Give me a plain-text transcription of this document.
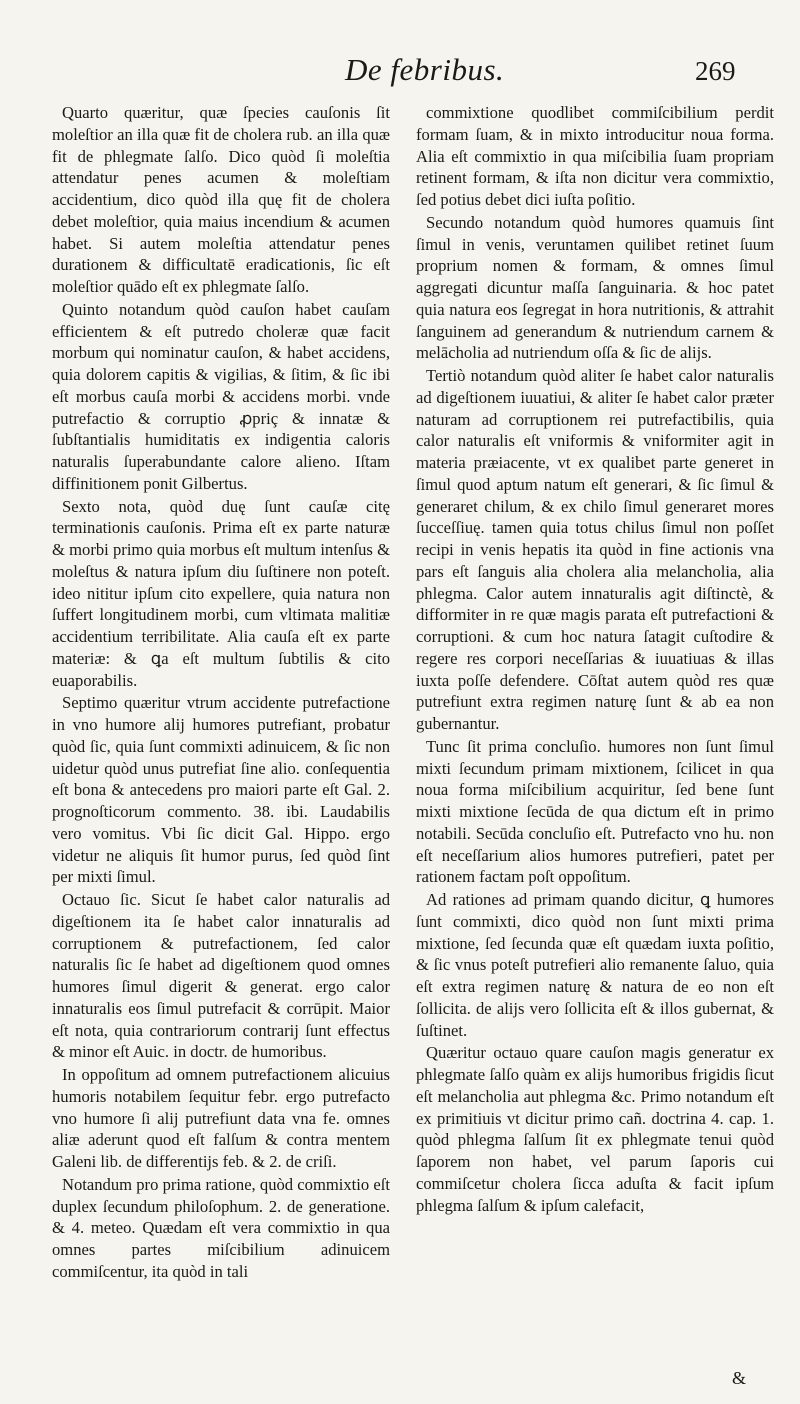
De febribus.	269

Quarto quæritur, quæ ſpecies cauſonis ſit moleſtior an illa quæ fit de cholera rub. an illa quæ fit de phlegmate ſalſo. Dico quòd ſi moleſtia attendatur penes acumen & moleſtiam accidentium, dico quòd illa quę fit de cholera debet moleſtior, quia maius incendium & acumen habet. Si autem moleſtia attendatur penes durationem & difficultatē eradicationis, ſic eſt moleſtior quādo eſt ex phlegmate ſalſo.

Quinto notandum quòd cauſon habet cauſam efficientem & eſt putredo choleræ quæ facit morbum qui nominatur cauſon, & habet accidens, quia dolorem capitis & vigilias, & ſitim, & ſic ibi eſt morbus cauſa morbi & accidens morbi. vnde putrefactio & corruptio ꝓpriç & innatæ & ſubſtantialis humiditatis ex indigentia caloris naturalis ſuperabundante calore alieno. Iſtam diffinitionem ponit Gilbertus.

Sexto nota, quòd duę ſunt cauſæ citę terminationis cauſonis. Prima eſt ex parte naturæ & morbi primo quia morbus eſt multum intenſus & moleſtus & natura ipſum diu ſuſtinere non poteſt. ideo nititur ipſum cito expellere, quia natura non ſuffert longitudinem morbi, cum vltimata malitiæ accidentium terribilitate. Alia cauſa eſt ex parte materiæ: & ꝗa eſt multum ſubtilis & cito euaporabilis.

Septimo quæritur vtrum accidente putrefactione in vno humore alij humores putrefiant, probatur quòd ſic, quia ſunt commixti adinuicem, & ſic non uidetur quòd unus putrefiat ſine alio. conſequentia eſt bona & antecedens pro maiori parte eſt Gal. 2. prognoſticorum commento. 38. ibi. Laudabilis vero vomitus. Vbi ſic dicit Gal. Hippo. ergo videtur ne aliquis ſit humor purus, ſed quòd ſint per mixti ſimul.

Octauo ſic. Sicut ſe habet calor naturalis ad digeſtionem ita ſe habet calor innaturalis ad corruptionem & putrefactionem, ſed calor naturalis ſic ſe habet ad digeſtionem quod omnes humores ſimul digerit & generat. ergo calor innaturalis eos ſimul putrefacit & corrūpit. Maior eſt nota, quia contrariorum contrarij ſunt effectus & minor eſt Auic. in doctr. de humoribus.

In oppoſitum ad omnem putrefactionem alicuius humoris notabilem ſequitur febr. ergo putrefacto vno humore ſi alij putrefiunt data vna fe. omnes aliæ aderunt quod eſt falſum & contra mentem Galeni lib. de differentijs feb. & 2. de criſi.

Notandum pro prima ratione, quòd commixtio eſt duplex ſecundum philoſophum. 2. de generatione. & 4. meteo. Quædam eſt vera commixtio in qua omnes partes miſcibilium adinuicem commiſcentur, ita quòd in tali

commixtione quodlibet commiſcibilium perdit formam ſuam, & in mixto introducitur noua forma. Alia eſt commixtio in qua miſcibilia ſuam propriam retinent formam, & iſta non dicitur vera commixtio, ſed potius debet dici iuſta poſitio.

Secundo notandum quòd humores quamuis ſint ſimul in venis, veruntamen quilibet retinet ſuum proprium nomen & formam, & omnes ſimul aggregati dicuntur maſſa ſanguinaria. & hoc patet quia natura eos ſegregat in hora nutritionis, & attrahit ſanguinem ad generandum & nutriendum carnem & melācholia ad nutriendum oſſa & ſic de alijs.

Tertiò notandum quòd aliter ſe habet calor naturalis ad digeſtionem iuuatiui, & aliter ſe habet calor præter naturam ad corruptionem rei putrefactibilis, quia calor naturalis eſt vniformis & vniformiter agit in materia præiacente, vt ex qualibet parte generet in ſimul quod aptum natum eſt generari, & ſic ſimul & generaret chilum, & ex chilo ſimul generaret mores ſucceſſiuę. tamen quia totus chilus ſimul non poſſet recipi in venis hepatis ita quòd in fine actionis vna pars eſt ſanguis alia cholera alia melancholia, alia phlegma. Calor autem innaturalis agit diſtinctè, & difformiter in re quæ magis parata eſt putrefactioni & corruptioni. & cum hoc natura ſatagit cuſtodire & regere res corpori neceſſarias & iuuatiuas & illas iuxta poſſe defendere. Cōſtat autem quòd res quæ putrefiunt extra regimen naturę ſunt & ab ea non gubernantur.

Tunc ſit prima concluſio. humores non ſunt ſimul mixti ſecundum primam mixtionem, ſcilicet in qua noua forma miſcibilium acquiritur, ſed bene ſunt mixti mixtione ſecūda de qua dictum eſt in primo notabili. Secūda concluſio eſt. Putrefacto vno hu. non eſt neceſſarium alios humores putrefieri, patet per rationem factam poſt oppoſitum.

Ad rationes ad primam quando dicitur, ꝗ humores ſunt commixti, dico quòd non ſunt mixti prima mixtione, ſed ſecunda quæ eſt quædam iuxta poſitio, & ſic vnus poteſt putrefieri alio remanente ſaluo, quia eſt extra regimen naturę & natura de eo non eſt ſollicita. de alijs vero ſollicita eſt & illos gubernat, & ſuſtinet.

Quæritur octauo quare cauſon magis generatur ex phlegmate ſalſo quàm ex alijs humoribus frigidis ſicut eſt melancholia aut phlegma &c. Primo notandum eſt ex primitiuis vt dicitur primo cañ. doctrina 4. cap. 1. quòd phlegma ſalſum ſit ex phlegmate tenui quòd ſaporem non habet, vel parum ſaporis cui commiſcetur cholera ſicca aduſta & facit ipſum phlegma ſalſum & ipſum calefacit,

&
